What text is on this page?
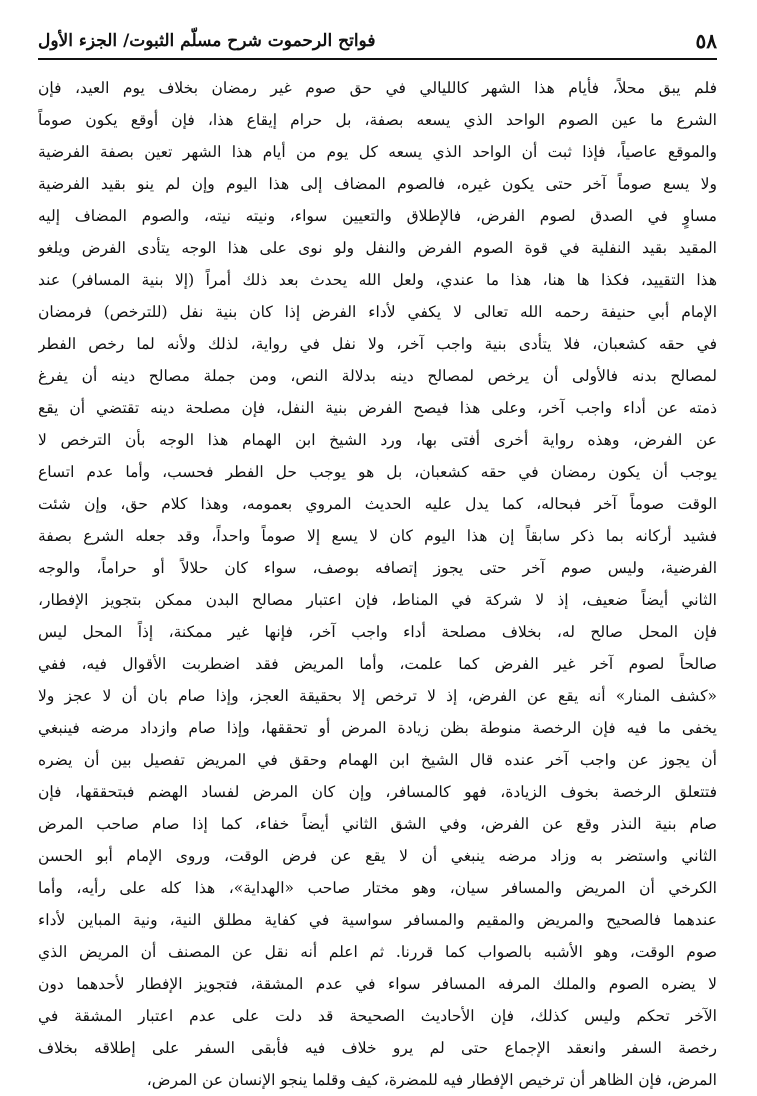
٥٨
فواتح الرحموت شرح مسلّم الثبوت/ الجزء الأول
فلم يبق محلاً، فأيام هذا الشهر كالليالي في حق صوم غير رمضان بخلاف يوم العيد، فإن
الشرع ما عين الصوم الواحد الذي يسعه بصفة، بل حرام إيقاع هذا، فإن أوقع يكون صوماً
والموقع عاصياً، فإذا ثبت أن الواحد الذي يسعه كل يوم من أيام هذا الشهر تعين بصفة الفرضية
ولا يسع صوماً آخر حتى يكون غيره، فالصوم المضاف إلى هذا اليوم وإن لم ينو بقيد الفرضية
مساوٍ في الصدق لصوم الفرض، فالإطلاق والتعيين سواء، ونيته نيته، والصوم المضاف إليه
المقيد بقيد النفلية في قوة الصوم الفرض والنفل ولو نوى على هذا الوجه يتأدى الفرض ويلغو
هذا التقييد، فكذا ها هنا، هذا ما عندي، ولعل الله يحدث بعد ذلك أمراً (إلا بنية المسافر) عند
الإمام أبي حنيفة رحمه الله تعالى لا يكفي لأداء الفرض إذا كان بنية نفل (للترخص) فرمضان
في حقه كشعبان، فلا يتأدى بنية واجب آخر، ولا نفل في رواية، لذلك ولأنه لما رخص الفطر
لمصالح بدنه فالأولى أن يرخص لمصالح دينه بدلالة النص، ومن جملة مصالح دينه أن يفرغ
ذمته عن أداء واجب آخر، وعلى هذا فيصح الفرض بنية النفل، فإن مصلحة دينه تقتضي أن يقع
عن الفرض، وهذه رواية أخرى أفتى بها، ورد الشيخ ابن الهمام هذا الوجه بأن الترخص لا
يوجب أن يكون رمضان في حقه كشعبان، بل هو يوجب حل الفطر فحسب، وأما عدم اتساع
الوقت صوماً آخر فبحاله، كما يدل عليه الحديث المروي بعمومه، وهذا كلام حق، وإن شئت
فشيد أركانه بما ذكر سابقاً إن هذا اليوم كان لا يسع إلا صوماً واحداً، وقد جعله الشرع بصفة
الفرضية، وليس صوم آخر حتى يجوز إتصافه بوصف، سواء كان حلالاً أو حراماً، والوجه
الثاني أيضاً ضعيف، إذ لا شركة في المناط، فإن اعتبار مصالح البدن ممكن بتجويز الإفطار،
فإن المحل صالح له، بخلاف مصلحة أداء واجب آخر، فإنها غير ممكنة، إذاً المحل ليس
صالحاً لصوم آخر غير الفرض كما علمت، وأما المريض فقد اضطربت الأقوال فيه، ففي
«كشف المنار» أنه يقع عن الفرض، إذ لا ترخص إلا بحقيقة العجز، وإذا صام بان أن لا عجز ولا
يخفى ما فيه فإن الرخصة منوطة بظن زيادة المرض أو تحققها، وإذا صام وازداد مرضه فينبغي
أن يجوز عن واجب آخر عنده قال الشيخ ابن الهمام وحقق في المريض تفصيل بين أن يضره
فتتعلق الرخصة بخوف الزيادة، فهو كالمسافر، وإن كان المرض لفساد الهضم فبتحققها، فإن
صام بنية النذر وقع عن الفرض، وفي الشق الثاني أيضاً خفاء، كما إذا صام صاحب المرض
الثاني واستضر به وزاد مرضه ينبغي أن لا يقع عن فرض الوقت، وروى الإمام أبو الحسن
الكرخي أن المريض والمسافر سيان، وهو مختار صاحب «الهداية»، هذا كله على رأيه، وأما
عندهما فالصحيح والمريض والمقيم والمسافر سواسية في كفاية مطلق النية، ونية المباين لأداء
صوم الوقت، وهو الأشبه بالصواب كما قررنا. ثم اعلم أنه نقل عن المصنف أن المريض الذي
لا يضره الصوم والملك المرفه المسافر سواء في عدم المشقة، فتجويز الإفطار لأحدهما دون
الآخر تحكم وليس كذلك، فإن الأحاديث الصحيحة قد دلت على عدم اعتبار المشقة في
رخصة السفر وانعقد الإجماع حتى لم يرو خلاف فيه فأبقى السفر على إطلاقه بخلاف
المرض، فإن الظاهر أن ترخيص الإفطار فيه للمضرة، كيف وقلما ينجو الإنسان عن المرض،
